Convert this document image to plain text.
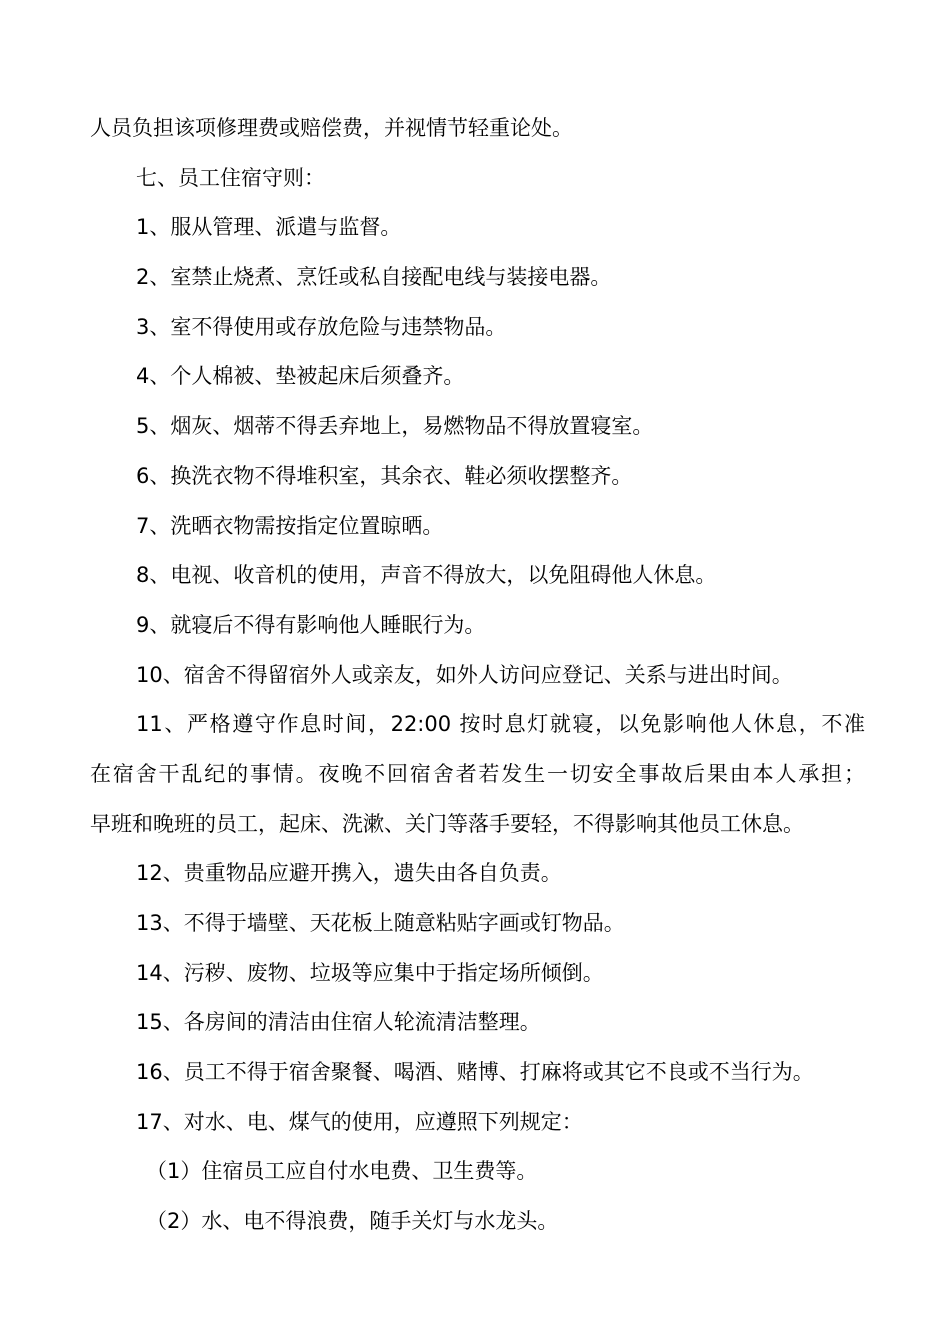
人员负担该项修理费或赔偿费，并视情节轻重论处。
七、员工住宿守则：
1、服从管理、派遣与监督。
2、室禁止烧煮、烹饪或私自接配电线与装接电器。
3、室不得使用或存放危险与违禁物品。
4、个人棉被、垫被起床后须叠齐。
5、烟灰、烟蒂不得丢弃地上，易燃物品不得放置寝室。
6、换洗衣物不得堆积室，其余衣、鞋必须收摆整齐。
7、洗晒衣物需按指定位置晾晒。
8、电视、收音机的使用，声音不得放大，以免阻碍他人休息。
9、就寝后不得有影响他人睡眠行为。
10、宿舍不得留宿外人或亲友，如外人访问应登记、关系与进出时间。
11、严格遵守作息时间，22:00 按时息灯就寝，以免影响他人休息，不准
在宿舍干乱纪的事情。夜晚不回宿舍者若发生一切安全事故后果由本人承担；
早班和晚班的员工，起床、洗漱、关门等落手要轻，不得影响其他员工休息。
12、贵重物品应避开携入，遗失由各自负责。
13、不得于墙壁、天花板上随意粘贴字画或钉物品。
14、污秽、废物、垃圾等应集中于指定场所倾倒。
15、各房间的清洁由住宿人轮流清洁整理。
16、员工不得于宿舍聚餐、喝酒、赌博、打麻将或其它不良或不当行为。
17、对水、电、煤气的使用，应遵照下列规定：
（1）住宿员工应自付水电费、卫生费等。
（2）水、电不得浪费，随手关灯与水龙头。
